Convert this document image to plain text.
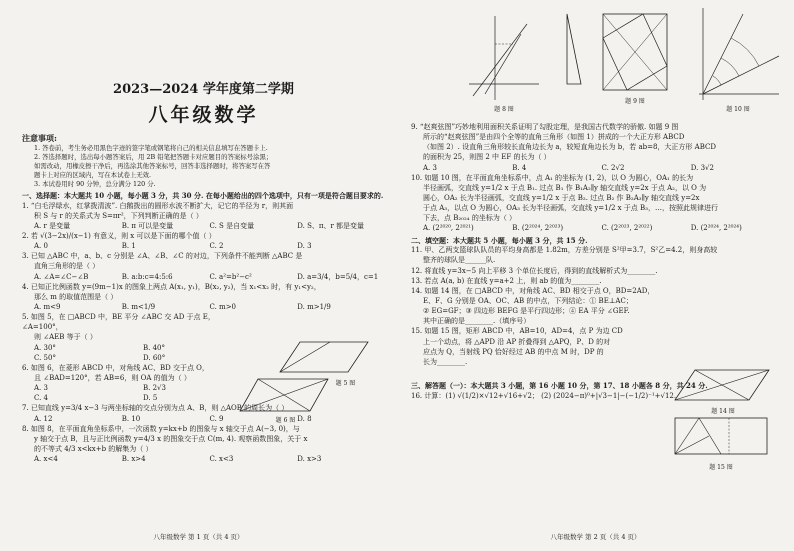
2023—2024 学年度第二学期
八年级数学
注意事项:
1. 答卷前，考生务必用黑色字迹的签字笔或钢笔将自己的相关信息填写在答题卡上.
2. 答选择题时，选出每小题答案后，用 2B 铅笔把答题卡对应题目的答案标号涂黑；
如需改动，用橡皮擦干净后，再选涂其他答案标号，回答非选择题时，将答案写在答
题卡上对应的区域内，写在本试卷上无效.
3. 本试卷用时 90 分钟，总分满分 120 分.
一、选择题：本大题共 10 小题，每小题 3 分，共 30 分. 在每小题给出的四个选项中，只有一项是符合题目要求的.
1. “白毛浮绿水，红掌拨清波”. 白鹅拨出的圆形水波不断扩大，记它的半径为 r，则其面
积 S 与 r 的关系式为 S=πr²，下列判断正确的是（ ）
A. r 是变量	B. π 可以是变量	C. S 是自变量	D. S、π、r 都是变量
2. 若 √(3−2x)/(x−1) 有意义，则 x 可以是下面的哪个值（ ）
A. 0	B. 1	C. 2	D. 3
3. 已知 △ABC 中，a、b、c 分别是 ∠A、∠B、∠C 的对边，下列条件不能判断 △ABC 是
直角三角形的是（ ）
A. ∠A=∠C−∠B	B. a:b:c=4:5:6	C. a²=b²−c²	D. a=3/4，b=5/4，c=1
4. 已知正比例函数 y=(9m−1)x 的图象上两点 A(x₁, y₁)，B(x₂, y₂)，当 x₁<x₂ 时，有 y₁<y₂，
那么 m 的取值范围是（ ）
A. m<9	B. m<1/9	C. m>0	D. m>1/9
5. 如图 5，在 □ABCD 中，BE 平分 ∠ABC 交 AD 于点 E，∠A=100°，
则 ∠AEB 等于（ ）
A. 30°	B. 40°
C. 50°	D. 60°
6. 如图 6，在菱形 ABCD 中，对角线 AC、BD 交于点 O，
且 ∠BAD=120°，若 AB=6，则 OA 的值为（ ）
A. 3	B. 2√3
C. 4	D. 5
7. 已知直线 y=3/4 x−3 与两坐标轴的交点分别为点 A、B，则 △AOB 的周长为（ ）
A. 12	B. 10	C. 9	D. 8
8. 如图 8，在平面直角坐标系中，一次函数 y=kx+b 的图象与 x 轴交于点 A(−3, 0)，与
y 轴交于点 B，且与正比例函数 y=4/3 x 的图象交于点 C(m, 4). 观察函数图象，关于 x
的不等式 4/3 x<kx+b 的解集为（ ）
A. x<4	B. x>4	C. x<3	D. x>3
题 5 图
题 6 图
八年级数学 第 1 页（共 4 页）
题 8 图
题 9 图
题 10 图
9. “赵爽弦图”巧妙地利用面积关系证明了勾股定理，是我国古代数学的骄傲. 如题 9 图
所示的“赵爽弦图”是由四个全等的直角三角形（如图 1）拼成的一个大正方形 ABCD
（如图 2）. 设直角三角形较长直角边长为 a，较短直角边长为 b，若 ab=8，大正方形 ABCD
的面积为 25，则图 2 中 EF 的长为（ ）
A. 3	B. 4	C. 2√2	D. 3√2
10. 如题 10 图，在平面直角坐标系中，点 A₁ 的坐标为 (1, 2)，以 O 为圆心，OA₁ 的长为
半径画弧，交直线 y=1/2 x 于点 B₁. 过点 B₁ 作 B₁A₂∥y 轴交直线 y=2x 于点 A₂，以 O 为
圆心，OA₂ 长为半径画弧，交直线 y=1/2 x 于点 B₂. 过点 B₂ 作 B₂A₃∥y 轴交直线 y=2x
于点 A₃，以点 O 为圆心，OA₃ 长为半径画弧，交直线 y=1/2 x 于点 B₃，…，按照此规律进行
下去，点 B₂₀₂₄ 的坐标为（ ）
A. (2²⁰²⁰, 2²⁰²¹)	B. (2²⁰²⁴, 2²⁰²³)	C. (2²⁰²³, 2²⁰²²)	D. (2²⁰²⁴, 2²⁰²⁴)
二、填空题：本大题共 5 小题，每小题 3 分，共 15 分.
11. 甲、乙两支篮球队队员的平均身高都是 1.82m，方差分别是 S²甲=3.7，S²乙=4.2，则身高较
整齐的球队是______队.
12. 将直线 y=3x−5 向上平移 3 个单位长度后，得到的直线解析式为________.
13. 若点 A(a, b) 在直线 y=a+2 上，则 ab 的值为________.
14. 如题 14 图，在 □ABCD 中，对角线 AC、BD 相交于点 O，BD=2AD，
E、F、G 分别是 OA、OC、AB 的中点，下列结论：① BE⊥AC；
② EG=GF；③ 四边形 BEFG 是平行四边形；④ EA 平分 ∠GEF.
其中正确的是________.（填序号）
15. 如题 15 图，矩形 ABCD 中，AB=10，AD=4，点 P 为边 CD
上一个动点，将 △APD 沿 AP 折叠得到 △APQ，P、D 的对
应点为 Q，当射线 PQ 恰好经过 AB 的中点 M 时，DP 的
长为________.
题 14 图
题 15 图
三、解答题（一）：本大题共 3 小题，第 16 小题 10 分，第 17、18 小题各 8 分，共 24 分.
16. 计算：(1) √(1/2)×√12+√16+√2； (2) (2024−π)⁰+|√3−1|−(−1/2)⁻¹+√12.
八年级数学 第 2 页（共 4 页）
